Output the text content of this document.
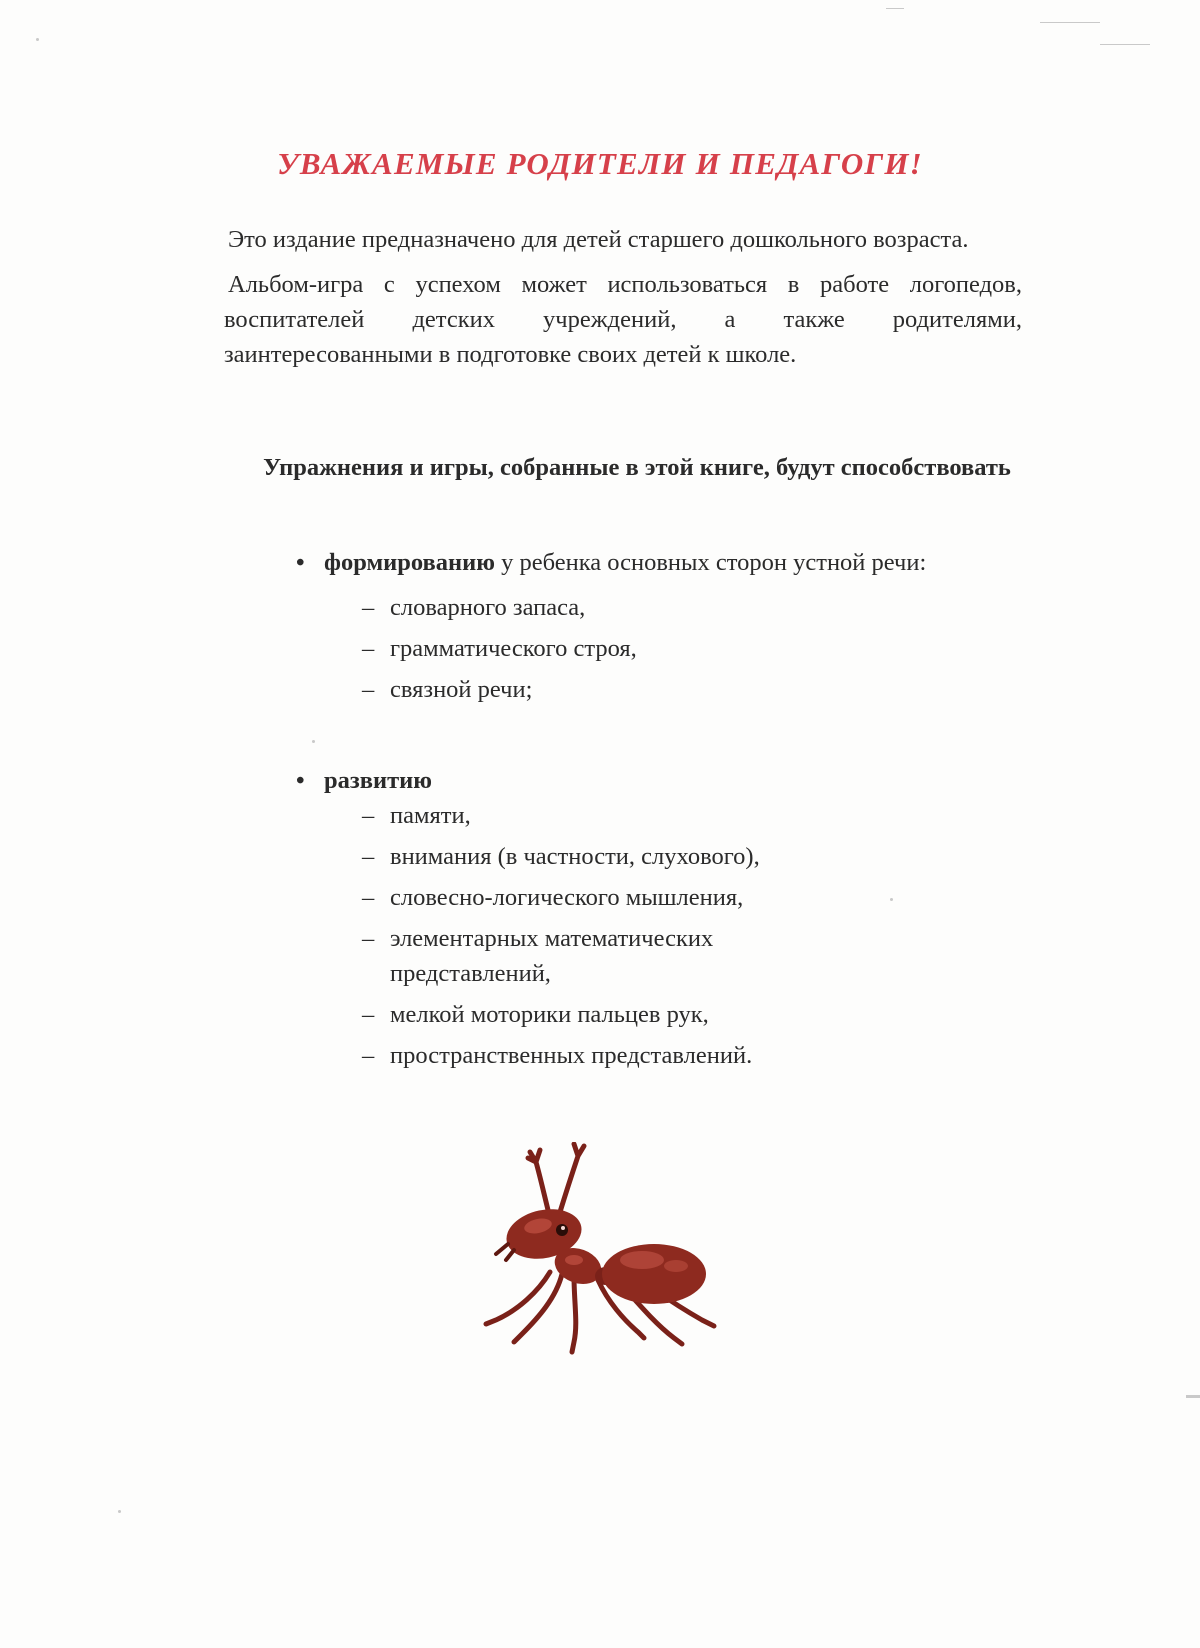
УВАЖАЕМЫЕ РОДИТЕЛИ И ПЕДАГОГИ!

Это издание предназначено для детей старшего дошкольного возраста.

Альбом-игра с успехом может использоваться в работе логопедов, воспитателей детских учреждений, а также родителями, заинтересованными в подготовке своих детей к школе.

Упражнения и игры, собранные в этой книге, будут способствовать
• формированию у ребенка основных сторон устной речи:
– словарного запаса,
– грамматического строя,
– связной речи;
• развитию
– памяти,
– внимания (в частности, слухового),
– словесно-логического мышления,
– элементарных математических представлений,
– мелкой моторики пальцев рук,
– пространственных представлений.
